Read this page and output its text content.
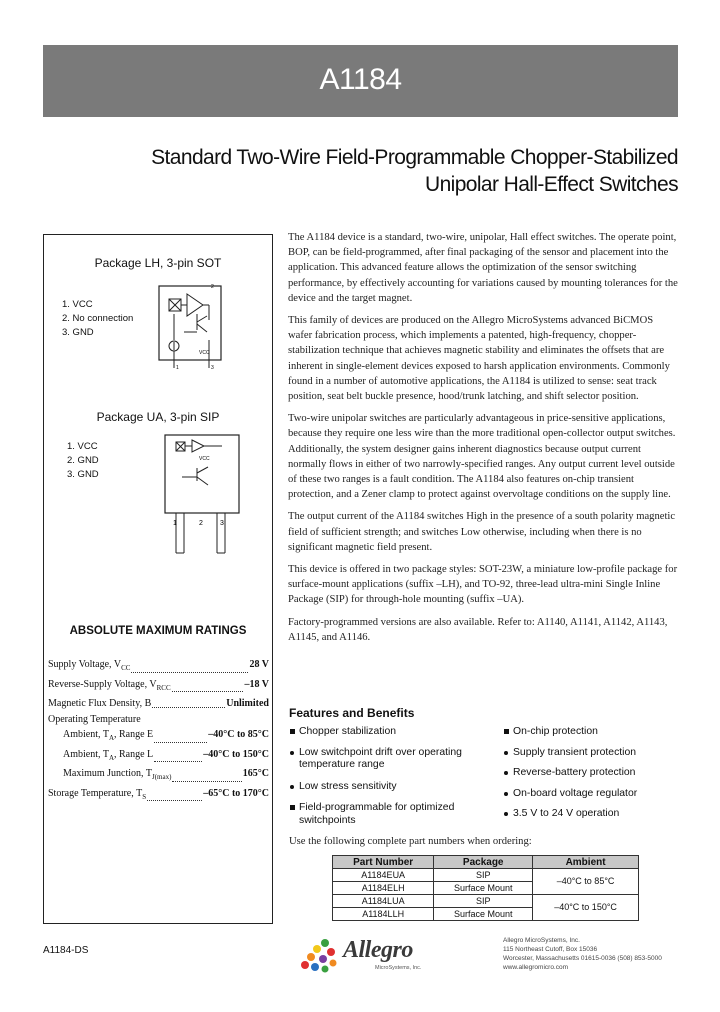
A1184
Standard Two-Wire Field-Programmable Chopper-Stabilized
Unipolar Hall-Effect Switches
Package LH, 3-pin SOT
1	3
2
VCC
1. VCC
2. No connection
3. GND
Package UA, 3-pin SIP
VCC
1	2 3
1. VCC
2. GND
3. GND
ABSOLUTE MAXIMUM RATINGS
Supply Voltage, $V_{CC}$	28 V
Reverse-Supply Voltage, $V_{RCC}$	–18 V
Magnetic Flux Density, B	Unlimited
Operating Temperature
Ambient, $T_A$, Range E	–40°C to 85°C
Ambient, $T_A$, Range L	–40°C to 150°C
Maximum Junction, $T_{J(max)}$	165°C
Storage Temperature, $T_S$	–65°C to 170°C

The A1184 device is a standard, two-wire, unipolar, Hall effect switches. The operate point, BOP, can be field-programmed, after final packaging of the sensor and placement into the application. This advanced feature allows the optimization of the sensor switching performance, by effectively accounting for variations caused by mounting tolerances for the device and the target magnet.

This family of devices are produced on the Allegro MicroSystems advanced BiCMOS wafer fabrication process, which implements a patented, high-frequency, chopper-stabilization technique that achieves magnetic stability and eliminates the offsets that are inherent in single-element devices exposed to harsh application environments. Commonly found in a number of automotive applications, the A1184 is utilized to sense: seat track position, seat belt buckle presence, hood/trunk latching, and shift selector position.

Two-wire unipolar switches are particularly advantageous in price-sensitive applications, because they require one less wire than the more traditional open-collector output switches. Additionally, the system designer gains inherent diagnostics because output current normally flows in either of two narrowly-specified ranges. Any output current level outside of these two ranges is a fault condition. The A1184 also features on-chip transient protection, and a Zener clamp to protect against overvoltage conditions on the supply line.

The output current of the A1184 switches High in the presence of a south polarity magnetic field of sufficient strength; and switches Low otherwise, including when there is no significant magnetic field present.

This device is offered in two package styles: SOT-23W, a miniature low-profile package for surface-mount applications (suffix –LH), and TO-92, three-lead ultra-mini Single Inline Package (SIP) for through-hole mounting (suffix –UA).

Factory-programmed versions are also available. Refer to: A1140, A1141, A1142, A1143, A1145, and A1146.

Features and Benefits
Chopper stabilization
Low switchpoint drift over operating temperature range
Low stress sensitivity
Field-programmable for optimized switchpoints
On-chip protection
Supply transient protection
Reverse-battery protection
On-board voltage regulator
3.5 V to 24 V operation
Use the following complete part numbers when ordering:
Part Number	Package	Ambient
A1184EUA	SIP	–40°C to 85°C
A1184ELH	Surface Mount	
A1184LUA	SIP	–40°C to 150°C
A1184LLH	Surface Mount	
A1184-DS	Allegro
MicroSystems, Inc.
Allegro MicroSystems, Inc.
115 Northeast Cutoff, Box 15036
Worcester, Massachusetts 01615-0036 (508) 853-5000
www.allegromicro.com
